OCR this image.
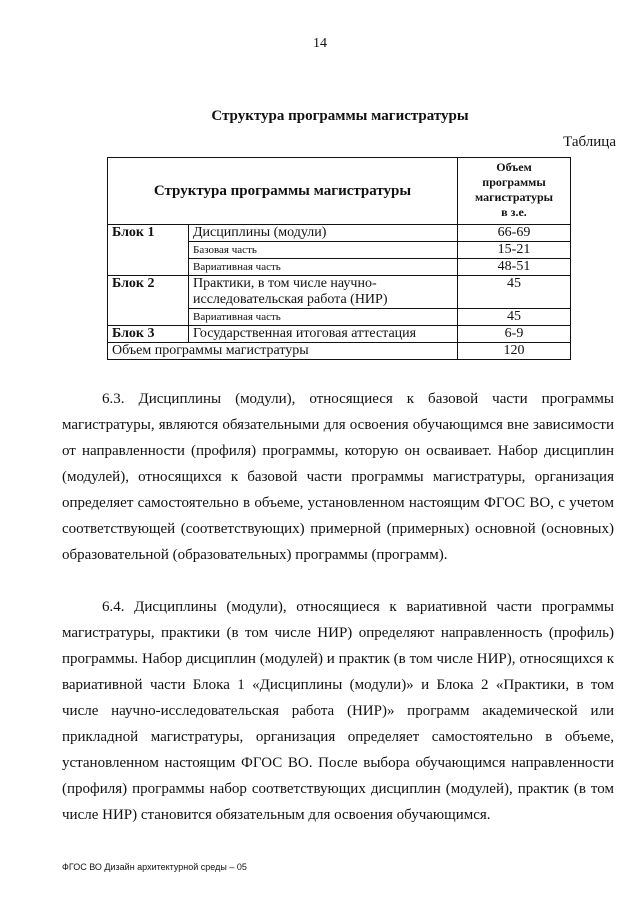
14
Структура программы магистратуры
Таблица
Структура программы магистратуры		Объем
программы
магистратуры
в з.е.

Блок 1	Дисциплины (модули)	66-69
	Базовая часть	15-21
	Вариативная часть	48-51
Блок 2	Практики, в том числе научно-исследовательская работа (НИР)	45
	Вариативная часть	45
Блок 3	Государственная итоговая аттестация	6-9
Объем программы магистратуры		120

6.3. Дисциплины (модули), относящиеся к базовой части программы магистратуры, являются обязательными для освоения обучающимся вне зависимости от направленности (профиля) программы, которую он осваивает. Набор дисциплин (модулей), относящихся к базовой части программы магистратуры, организация определяет самостоятельно в объеме, установленном настоящим ФГОС ВО, с учетом соответствующей (соответствующих) примерной (примерных) основной (основных) образовательной (образовательных) программы (программ).

6.4. Дисциплины (модули), относящиеся к вариативной части программы магистратуры, практики (в том числе НИР) определяют направленность (профиль) программы. Набор дисциплин (модулей) и практик (в том числе НИР), относящихся к вариативной части Блока 1 «Дисциплины (модули)» и Блока 2 «Практики, в том числе научно-исследовательская работа (НИР)» программ академической или прикладной магистратуры, организация определяет самостоятельно в объеме, установленном настоящим ФГОС ВО. После выбора обучающимся направленности (профиля) программы набор соответствующих дисциплин (модулей), практик (в том числе НИР) становится обязательным для освоения обучающимся.

ФГОС ВО Дизайн архитектурной среды – 05
